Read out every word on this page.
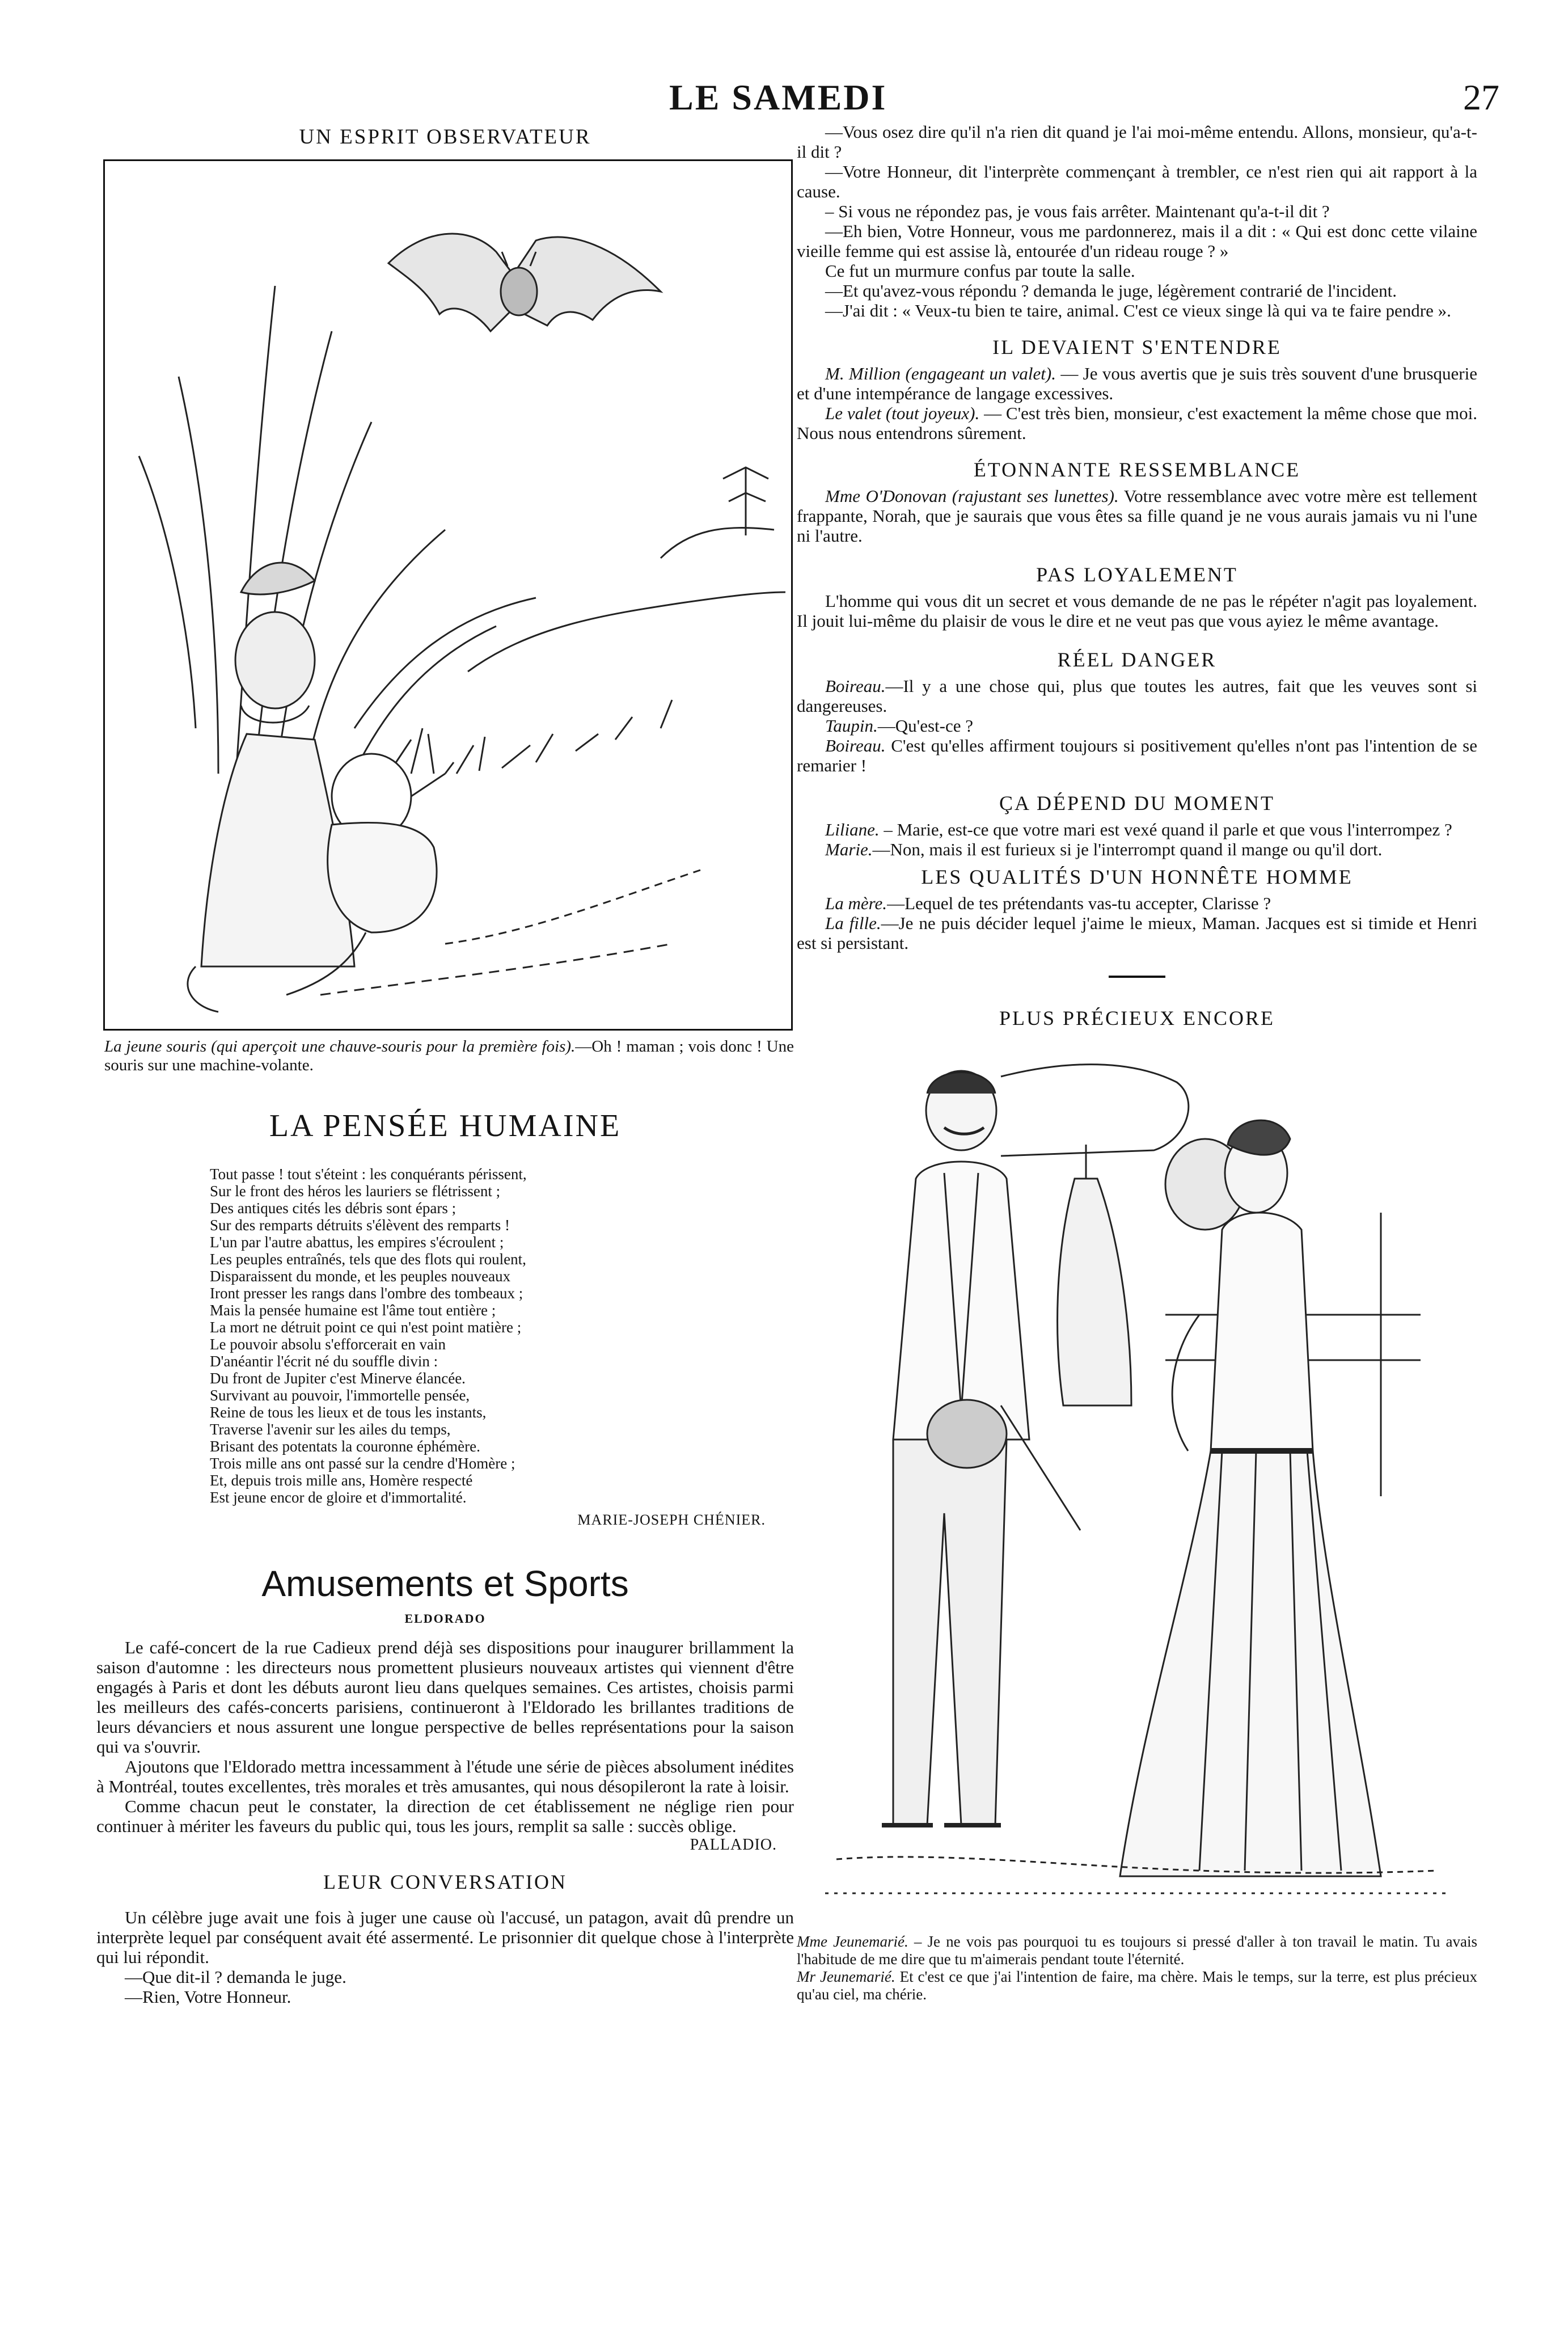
LE SAMEDI	27
UN ESPRIT OBSERVATEUR

La jeune souris (qui aperçoit une chauve-souris pour la première fois).—Oh ! maman ; vois donc ! Une souris sur une machine-volante.

LA PENSÉE HUMAINE

Tout passe ! tout s'éteint : les conquérants périssent,

Sur le front des héros les lauriers se flétrissent ;

Des antiques cités les débris sont épars ;

Sur des remparts détruits s'élèvent des remparts !

L'un par l'autre abattus, les empires s'écroulent ;

Les peuples entraînés, tels que des flots qui roulent,

Disparaissent du monde, et les peuples nouveaux

Iront presser les rangs dans l'ombre des tombeaux ;

Mais la pensée humaine est l'âme tout entière ;

La mort ne détruit point ce qui n'est point matière ;

Le pouvoir absolu s'efforcerait en vain

D'anéantir l'écrit né du souffle divin :

Du front de Jupiter c'est Minerve élancée.

Survivant au pouvoir, l'immortelle pensée,

Reine de tous les lieux et de tous les instants,

Traverse l'avenir sur les ailes du temps,

Brisant des potentats la couronne éphémère.

Trois mille ans ont passé sur la cendre d'Homère ;

Et, depuis trois mille ans, Homère respecté

Est jeune encor de gloire et d'immortalité.

MARIE-JOSEPH CHÉNIER.

Amusements et Sports

ELDORADO

Le café-concert de la rue Cadieux prend déjà ses dispositions pour inaugurer brillamment la saison d'automne : les directeurs nous promettent plusieurs nouveaux artistes qui viennent d'être engagés à Paris et dont les débuts auront lieu dans quelques semaines. Ces artistes, choisis parmi les meilleurs des cafés-concerts parisiens, continueront à l'Eldorado les brillantes traditions de leurs dévanciers et nous assurent une longue perspective de belles représentations pour la saison qui va s'ouvrir.

Ajoutons que l'Eldorado mettra incessamment à l'étude une série de pièces absolument inédites à Montréal, toutes excellentes, très morales et très amusantes, qui nous désopileront la rate à loisir.

Comme chacun peut le constater, la direction de cet établissement ne néglige rien pour continuer à mériter les faveurs du public qui, tous les jours, remplit sa salle : succès oblige.

PALLADIO.

LEUR CONVERSATION

Un célèbre juge avait une fois à juger une cause où l'accusé, un patagon, avait dû prendre un interprète lequel par conséquent avait été assermenté. Le prisonnier dit quelque chose à l'interprète qui lui répondit.

—Que dit-il ? demanda le juge.

—Rien, Votre Honneur.

—Vous osez dire qu'il n'a rien dit quand je l'ai moi-même entendu. Allons, monsieur, qu'a-t-il dit ?

—Votre Honneur, dit l'interprète commençant à trembler, ce n'est rien qui ait rapport à la cause.

– Si vous ne répondez pas, je vous fais arrêter. Maintenant qu'a-t-il dit ?

—Eh bien, Votre Honneur, vous me pardonnerez, mais il a dit : « Qui est donc cette vilaine vieille femme qui est assise là, entourée d'un rideau rouge ? »

Ce fut un murmure confus par toute la salle.

—Et qu'avez-vous répondu ? demanda le juge, légèrement contrarié de l'incident.

—J'ai dit : « Veux-tu bien te taire, animal. C'est ce vieux singe là qui va te faire pendre ».

IL DEVAIENT S'ENTENDRE

M. Million (engageant un valet). — Je vous avertis que je suis très souvent d'une brusquerie et d'une intempérance de langage excessives.

Le valet (tout joyeux). — C'est très bien, monsieur, c'est exactement la même chose que moi. Nous nous entendrons sûrement.

ÉTONNANTE RESSEMBLANCE

Mme O'Donovan (rajustant ses lunettes). Votre ressemblance avec votre mère est tellement frappante, Norah, que je saurais que vous êtes sa fille quand je ne vous aurais jamais vu ni l'une ni l'autre.

PAS LOYALEMENT

L'homme qui vous dit un secret et vous demande de ne pas le répéter n'agit pas loyalement. Il jouit lui-même du plaisir de vous le dire et ne veut pas que vous ayiez le même avantage.

RÉEL DANGER

Boireau.—Il y a une chose qui, plus que toutes les autres, fait que les veuves sont si dangereuses.

Taupin.—Qu'est-ce ?

Boireau. C'est qu'elles affirment toujours si positivement qu'elles n'ont pas l'intention de se remarier !

ÇA DÉPEND DU MOMENT

Liliane. – Marie, est-ce que votre mari est vexé quand il parle et que vous l'interrompez ?

Marie.—Non, mais il est furieux si je l'interrompt quand il mange ou qu'il dort.

LES QUALITÉS D'UN HONNÊTE HOMME

La mère.—Lequel de tes prétendants vas-tu accepter, Clarisse ?

La fille.—Je ne puis décider lequel j'aime le mieux, Maman. Jacques est si timide et Henri est si persistant.

PLUS PRÉCIEUX ENCORE

Mme Jeunemarié. – Je ne vois pas pourquoi tu es toujours si pressé d'aller à ton travail le matin. Tu avais l'habitude de me dire que tu m'aimerais pendant toute l'éternité.

Mr Jeunemarié. Et c'est ce que j'ai l'intention de faire, ma chère. Mais le temps, sur la terre, est plus précieux qu'au ciel, ma chérie.
